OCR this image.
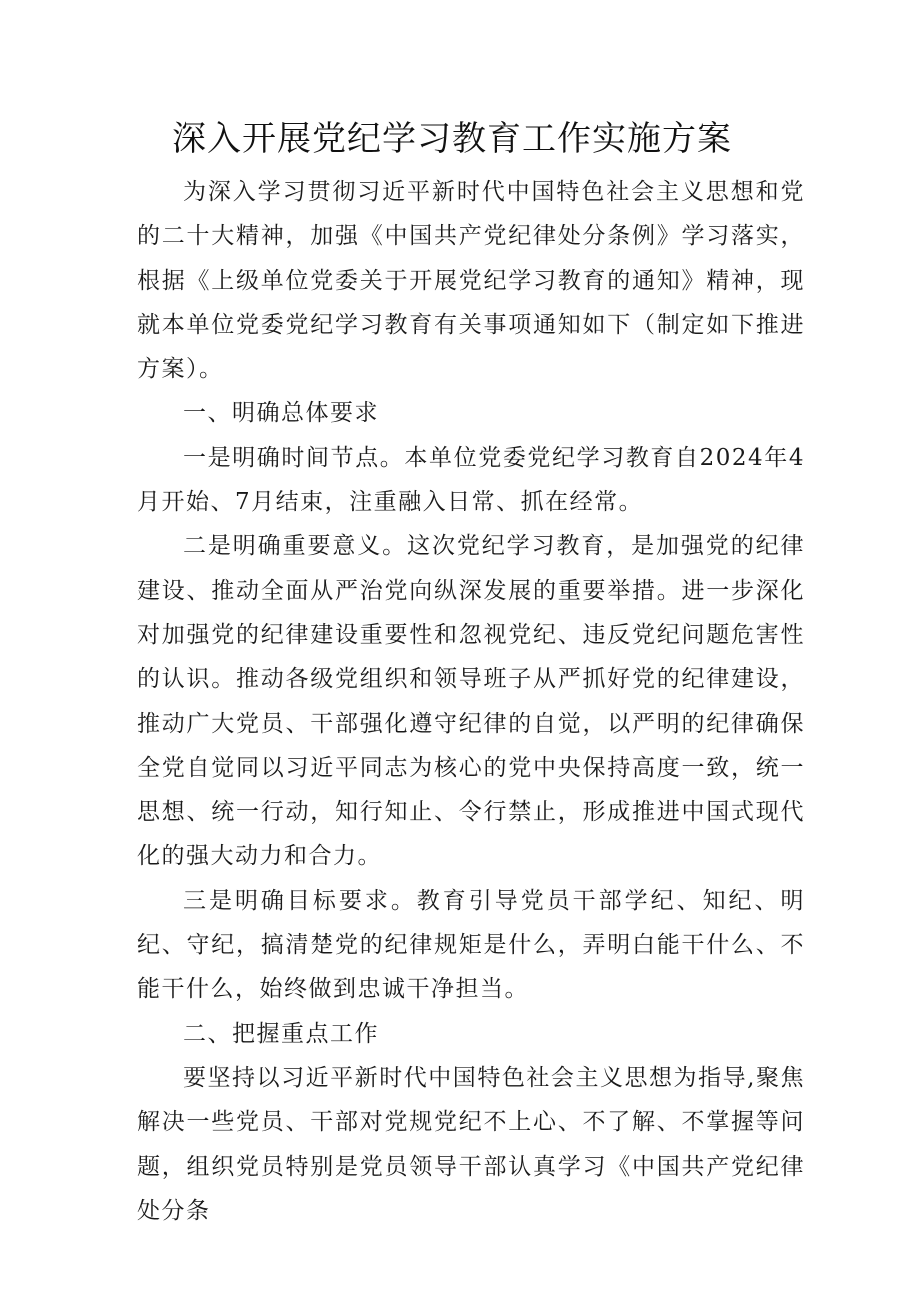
深入开展党纪学习教育工作实施方案

为深入学习贯彻习近平新时代中国特色社会主义思想和党的二十大精神，加强《中国共产党纪律处分条例》学习落实，根据《上级单位党委关于开展党纪学习教育的通知》精神，现就本单位党委党纪学习教育有关事项通知如下（制定如下推进方案）。

一、明确总体要求

一是明确时间节点。本单位党委党纪学习教育自2024年4月开始、7月结束，注重融入日常、抓在经常。

二是明确重要意义。这次党纪学习教育，是加强党的纪律建设、推动全面从严治党向纵深发展的重要举措。进一步深化对加强党的纪律建设重要性和忽视党纪、违反党纪问题危害性的认识。推动各级党组织和领导班子从严抓好党的纪律建设，推动广大党员、干部强化遵守纪律的自觉，以严明的纪律确保全党自觉同以习近平同志为核心的党中央保持高度一致，统一思想、统一行动，知行知止、令行禁止，形成推进中国式现代化的强大动力和合力。

三是明确目标要求。教育引导党员干部学纪、知纪、明纪、守纪，搞清楚党的纪律规矩是什么，弄明白能干什么、不能干什么，始终做到忠诚干净担当。

二、把握重点工作

要坚持以习近平新时代中国特色社会主义思想为指导,聚焦解决一些党员、干部对党规党纪不上心、不了解、不掌握等问题，组织党员特别是党员领导干部认真学习《中国共产党纪律处分条
